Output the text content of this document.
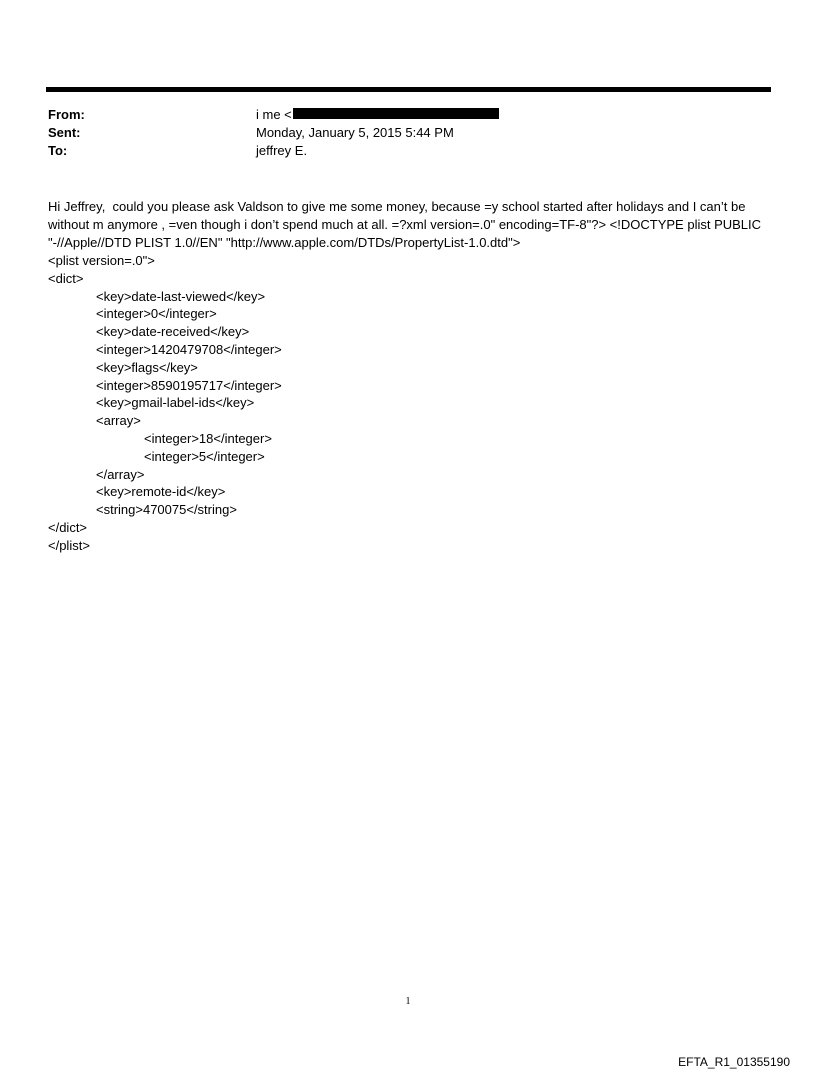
From:	i me <
Sent:	Monday, January 5, 2015 5:44 PM
To:	jeffrey E.

Hi Jeffrey,  could you please ask Valdson to give me some money, because =y school started after holidays and I can’t be without m anymore , =ven though i don’t spend much at all. =?xml version=.0" encoding=TF-8"?> <!DOCTYPE plist PUBLIC "-//Apple//DTD PLIST 1.0//EN" "http://www.apple.com/DTDs/PropertyList-1.0.dtd">

<plist version=.0">
<dict>
<key>date-last-viewed</key>
<integer>0</integer>
<key>date-received</key>
<integer>1420479708</integer>
<key>flags</key>
<integer>8590195717</integer>
<key>gmail-label-ids</key>
<array>
<integer>18</integer>
<integer>5</integer>
</array>
<key>remote-id</key>
<string>470075</string>
</dict>
</plist>
1
EFTA_R1_01355190
